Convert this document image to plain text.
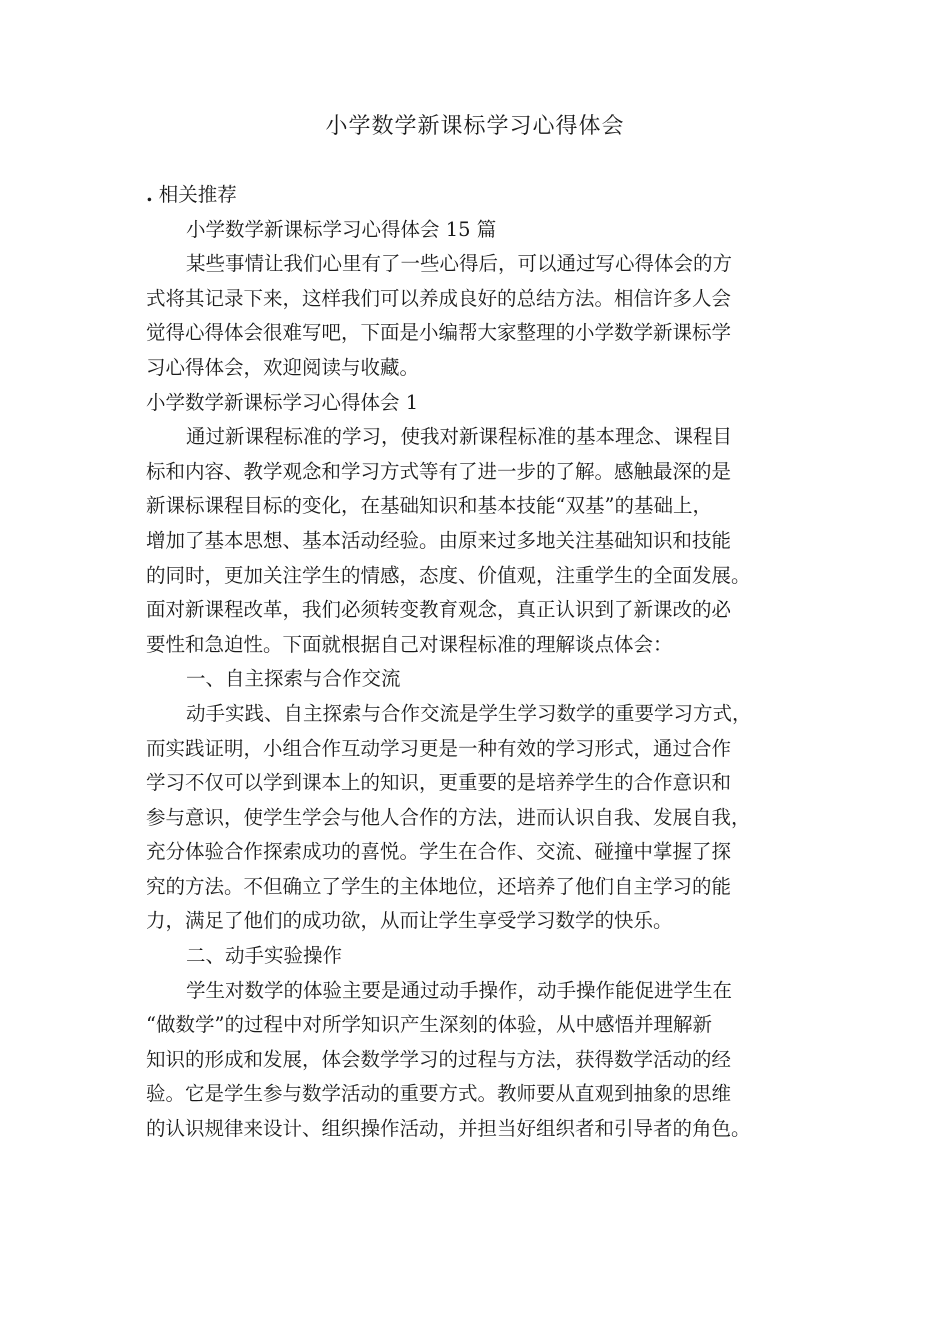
小学数学新课标学习心得体会
. 相关推荐
小学数学新课标学习心得体会 15 篇
某些事情让我们心里有了一些心得后，可以通过写心得体会的方
式将其记录下来，这样我们可以养成良好的总结方法。相信许多人会
觉得心得体会很难写吧，下面是小编帮大家整理的小学数学新课标学
习心得体会，欢迎阅读与收藏。
小学数学新课标学习心得体会 1
通过新课程标准的学习，使我对新课程标准的基本理念、课程目
标和内容、教学观念和学习方式等有了进一步的了解。感触最深的是
新课标课程目标的变化，在基础知识和基本技能“双基”的基础上，
增加了基本思想、基本活动经验。由原来过多地关注基础知识和技能
的同时，更加关注学生的情感，态度、价值观，注重学生的全面发展。
面对新课程改革，我们必须转变教育观念，真正认识到了新课改的必
要性和急迫性。下面就根据自己对课程标准的理解谈点体会：
一、自主探索与合作交流
动手实践、自主探索与合作交流是学生学习数学的重要学习方式，
而实践证明，小组合作互动学习更是一种有效的学习形式，通过合作
学习不仅可以学到课本上的知识，更重要的是培养学生的合作意识和
参与意识，使学生学会与他人合作的方法，进而认识自我、发展自我，
充分体验合作探索成功的喜悦。学生在合作、交流、碰撞中掌握了探
究的方法。不但确立了学生的主体地位，还培养了他们自主学习的能
力，满足了他们的成功欲，从而让学生享受学习数学的快乐。
二、动手实验操作
学生对数学的体验主要是通过动手操作，动手操作能促进学生在
“做数学”的过程中对所学知识产生深刻的体验，从中感悟并理解新
知识的形成和发展，体会数学学习的过程与方法，获得数学活动的经
验。它是学生参与数学活动的重要方式。教师要从直观到抽象的思维
的认识规律来设计、组织操作活动，并担当好组织者和引导者的角色。
